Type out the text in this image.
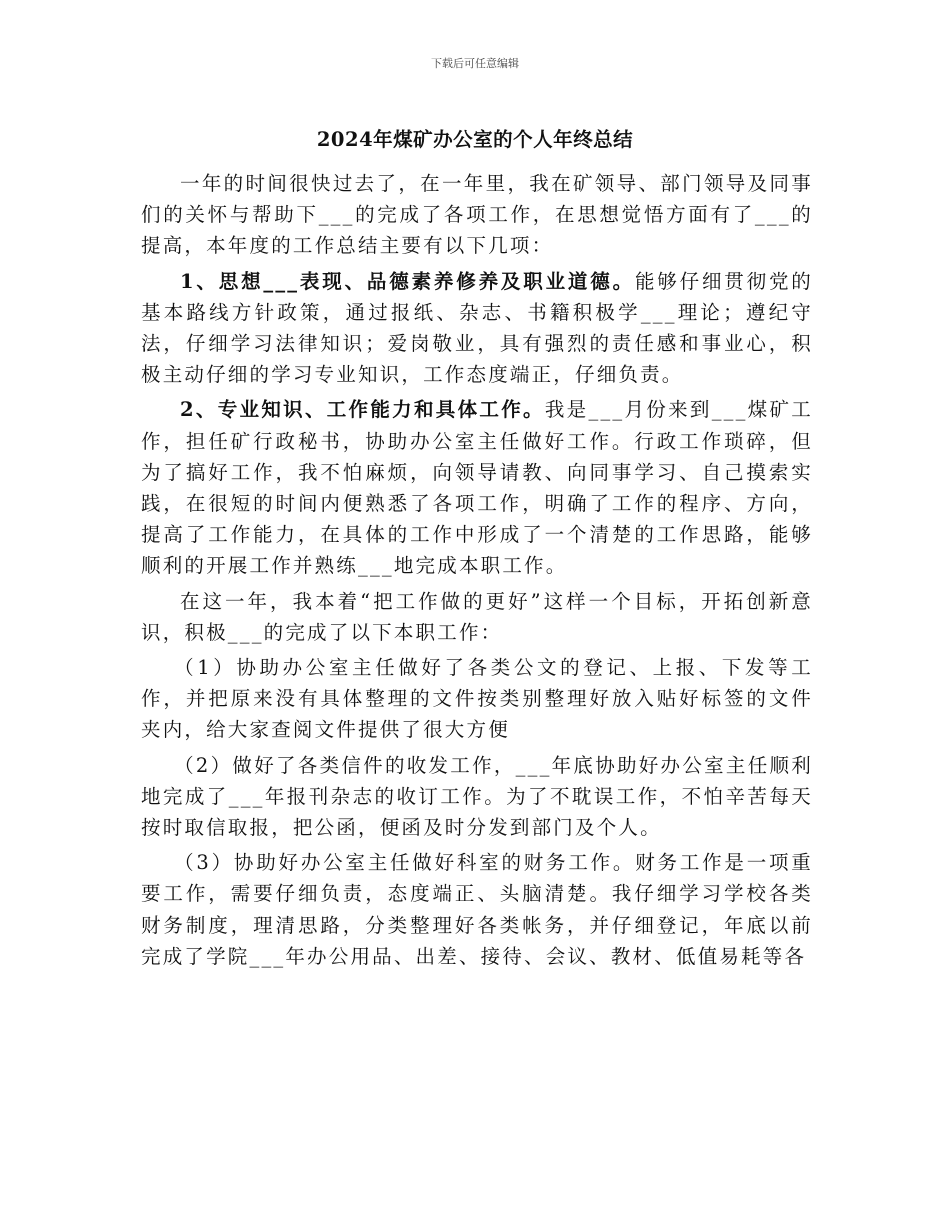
下载后可任意编辑
2024年煤矿办公室的个人年终总结

一年的时间很快过去了，在一年里，我在矿领导、部门领导及同事们的关怀与帮助下___的完成了各项工作，在思想觉悟方面有了___的提高，本年度的工作总结主要有以下几项：

1、思想___表现、品德素养修养及职业道德。能够仔细贯彻党的基本路线方针政策，通过报纸、杂志、书籍积极学___理论；遵纪守法，仔细学习法律知识；爱岗敬业，具有强烈的责任感和事业心，积极主动仔细的学习专业知识，工作态度端正，仔细负责。

2、专业知识、工作能力和具体工作。我是___月份来到___煤矿工作，担任矿行政秘书，协助办公室主任做好工作。行政工作琐碎，但为了搞好工作，我不怕麻烦，向领导请教、向同事学习、自己摸索实践，在很短的时间内便熟悉了各项工作，明确了工作的程序、方向，提高了工作能力，在具体的工作中形成了一个清楚的工作思路，能够顺利的开展工作并熟练___地完成本职工作。

在这一年，我本着“把工作做的更好”这样一个目标，开拓创新意识，积极___的完成了以下本职工作：

（1）协助办公室主任做好了各类公文的登记、上报、下发等工作，并把原来没有具体整理的文件按类别整理好放入贴好标签的文件夹内，给大家查阅文件提供了很大方便

（2）做好了各类信件的收发工作，___年底协助好办公室主任顺利地完成了___年报刊杂志的收订工作。为了不耽误工作，不怕辛苦每天按时取信取报，把公函，便函及时分发到部门及个人。

（3）协助好办公室主任做好科室的财务工作。财务工作是一项重要工作，需要仔细负责，态度端正、头脑清楚。我仔细学习学校各类财务制度，理清思路，分类整理好各类帐务，并仔细登记，年底以前完成了学院___年办公用品、出差、接待、会议、教材、低值易耗等各
